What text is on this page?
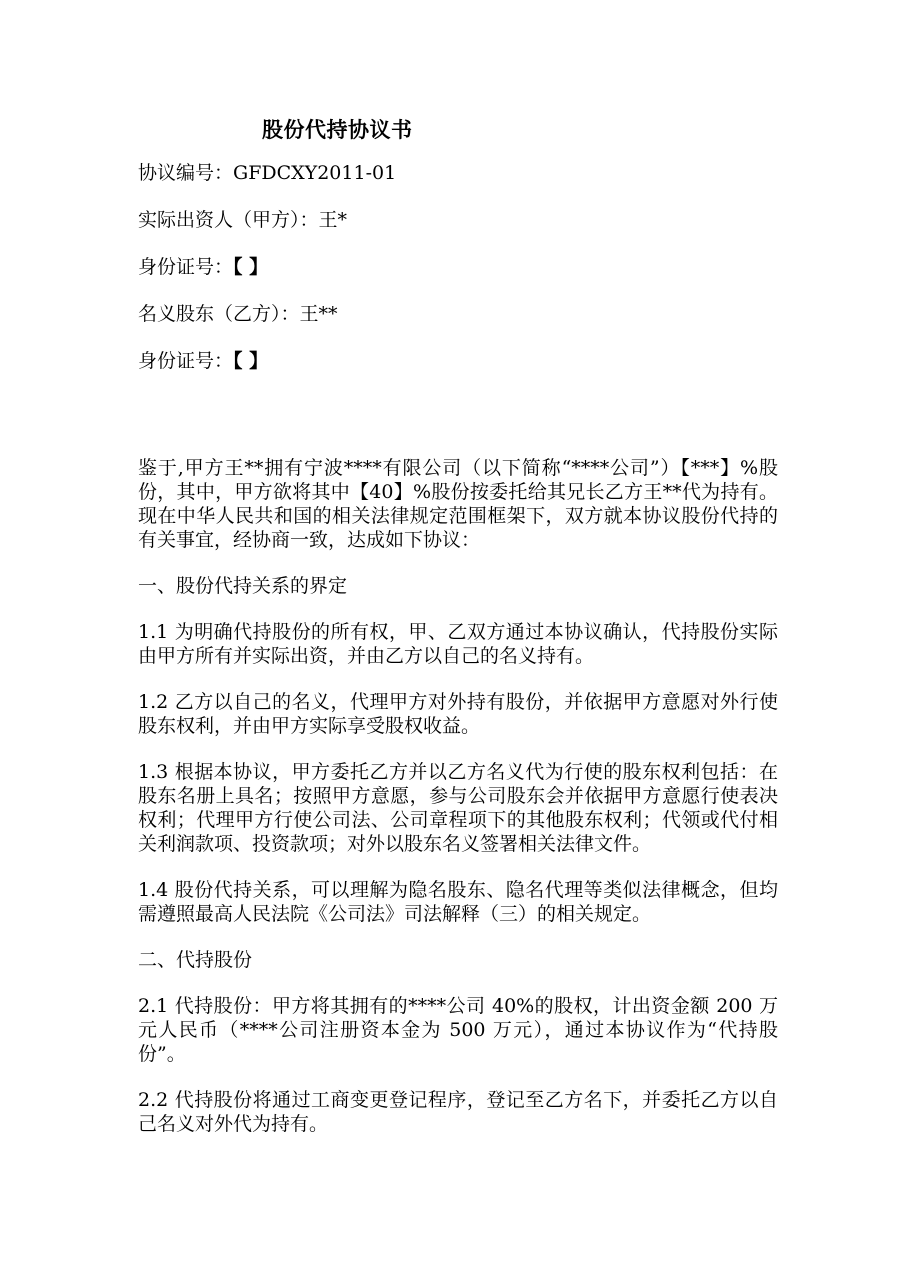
股份代持协议书
协议编号：GFDCXY2011-01
实际出资人（甲方）：王*
身份证号：【 】
名义股东（乙方）：王**
身份证号：【 】

鉴于,甲方王**拥有宁波****有限公司（以下简称“****公司”）【***】%股份，其中，甲方欲将其中【40】%股份按委托给其兄长乙方王**代为持有。现在中华人民共和国的相关法律规定范围框架下，双方就本协议股份代持的有关事宜，经协商一致，达成如下协议：

一、股份代持关系的界定

1.1 为明确代持股份的所有权，甲、乙双方通过本协议确认，代持股份实际由甲方所有并实际出资，并由乙方以自己的名义持有。

1.2 乙方以自己的名义，代理甲方对外持有股份，并依据甲方意愿对外行使股东权利，并由甲方实际享受股权收益。

1.3 根据本协议，甲方委托乙方并以乙方名义代为行使的股东权利包括：在股东名册上具名；按照甲方意愿，参与公司股东会并依据甲方意愿行使表决权利；代理甲方行使公司法、公司章程项下的其他股东权利；代领或代付相关利润款项、投资款项；对外以股东名义签署相关法律文件。

1.4 股份代持关系，可以理解为隐名股东、隐名代理等类似法律概念，但均需遵照最高人民法院《公司法》司法解释（三）的相关规定。

二、代持股份

2.1 代持股份：甲方将其拥有的****公司 40%的股权，计出资金额 200 万元人民币（****公司注册资本金为 500 万元），通过本协议作为“代持股份”。

2.2 代持股份将通过工商变更登记程序，登记至乙方名下，并委托乙方以自己名义对外代为持有。
